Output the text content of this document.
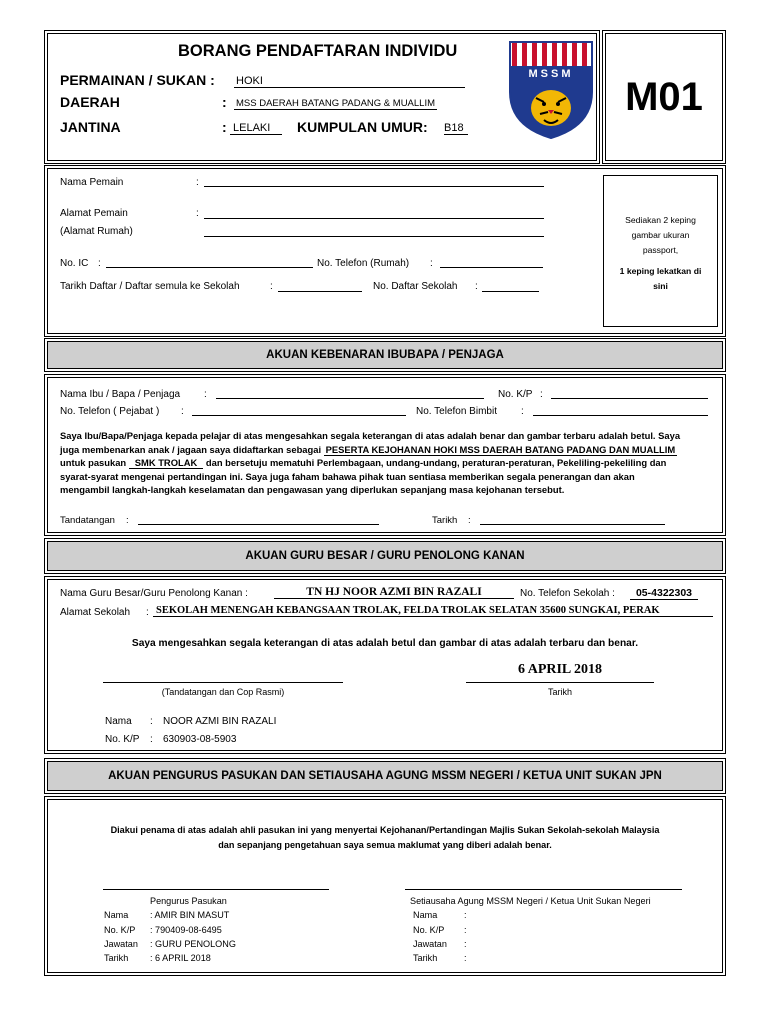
BORANG PENDAFTARAN INDIVIDU
PERMAINAN / SUKAN : HOKI
DAERAH	: MSS DAERAH BATANG PADANG & MUALLIM
JANTINA	: LELAKI	KUMPULAN UMUR: B18
MSSM
M01
Nama Pemain	:
Alamat Pemain	:
(Alamat Rumah)
No. IC :	No. Telefon (Rumah) :
Tarikh Daftar / Daftar semula ke Sekolah	:	No. Daftar Sekolah :
Sediakan 2 keping
gambar ukuran
passport,
1 keping lekatkan di
sini
AKUAN KEBENARAN IBUBAPA / PENJAGA
Nama Ibu / Bapa / Penjaga :	No. K/P :
No. Telefon ( Pejabat ) :	No. Telefon Bimbit :
Saya Ibu/Bapa/Penjaga kepada pelajar di atas mengesahkan segala keterangan di atas adalah benar dan gambar terbaru adalah betul. Saya
juga membenarkan anak / jagaan saya didaftarkan sebagai PESERTA KEJOHANAN HOKI MSS DAERAH BATANG PADANG DAN MUALLIM
untuk pasukan SMK TROLAK dan bersetuju mematuhi Perlembagaan, undang-undang, peraturan-peraturan, Pekeliling-pekeliling dan
syarat-syarat mengenai pertandingan ini. Saya juga faham bahawa pihak tuan sentiasa memberikan segala penerangan dan akan
mengambil langkah-langkah keselamatan dan pengawasan yang diperlukan sepanjang masa kejohanan tersebut.
Tandatangan :	Tarikh :
AKUAN GURU BESAR / GURU PENOLONG KANAN
Nama Guru Besar/Guru Penolong Kanan :	TN HJ NOOR AZMI BIN RAZALI	No. Telefon Sekolah :	05-4322303
Alamat Sekolah : SEKOLAH MENENGAH KEBANGSAAN TROLAK, FELDA TROLAK SELATAN 35600 SUNGKAI, PERAK
Saya mengesahkan segala keterangan di atas adalah betul dan gambar di atas adalah terbaru dan benar.
6 APRIL 2018
(Tandatangan dan Cop Rasmi)	Tarikh
Nama : NOOR AZMI BIN RAZALI
No. K/P : 630903-08-5903
AKUAN PENGURUS PASUKAN DAN SETIAUSAHA AGUNG MSSM NEGERI / KETUA UNIT SUKAN JPN
Diakui penama di atas adalah ahli pasukan ini yang menyertai Kejohanan/Pertandingan Majlis Sukan Sekolah-sekolah Malaysia
dan sepanjang pengetahuan saya semua maklumat yang diberi adalah benar.
Pengurus Pasukan
Nama	: AMIR BIN MASUT
No. K/P	: 790409-08-6495
Jawatan	: GURU PENOLONG
Tarikh	: 6 APRIL 2018
Setiausaha Agung MSSM Negeri / Ketua Unit Sukan Negeri
Nama	:
No. K/P	:
Jawatan	:
Tarikh	:
